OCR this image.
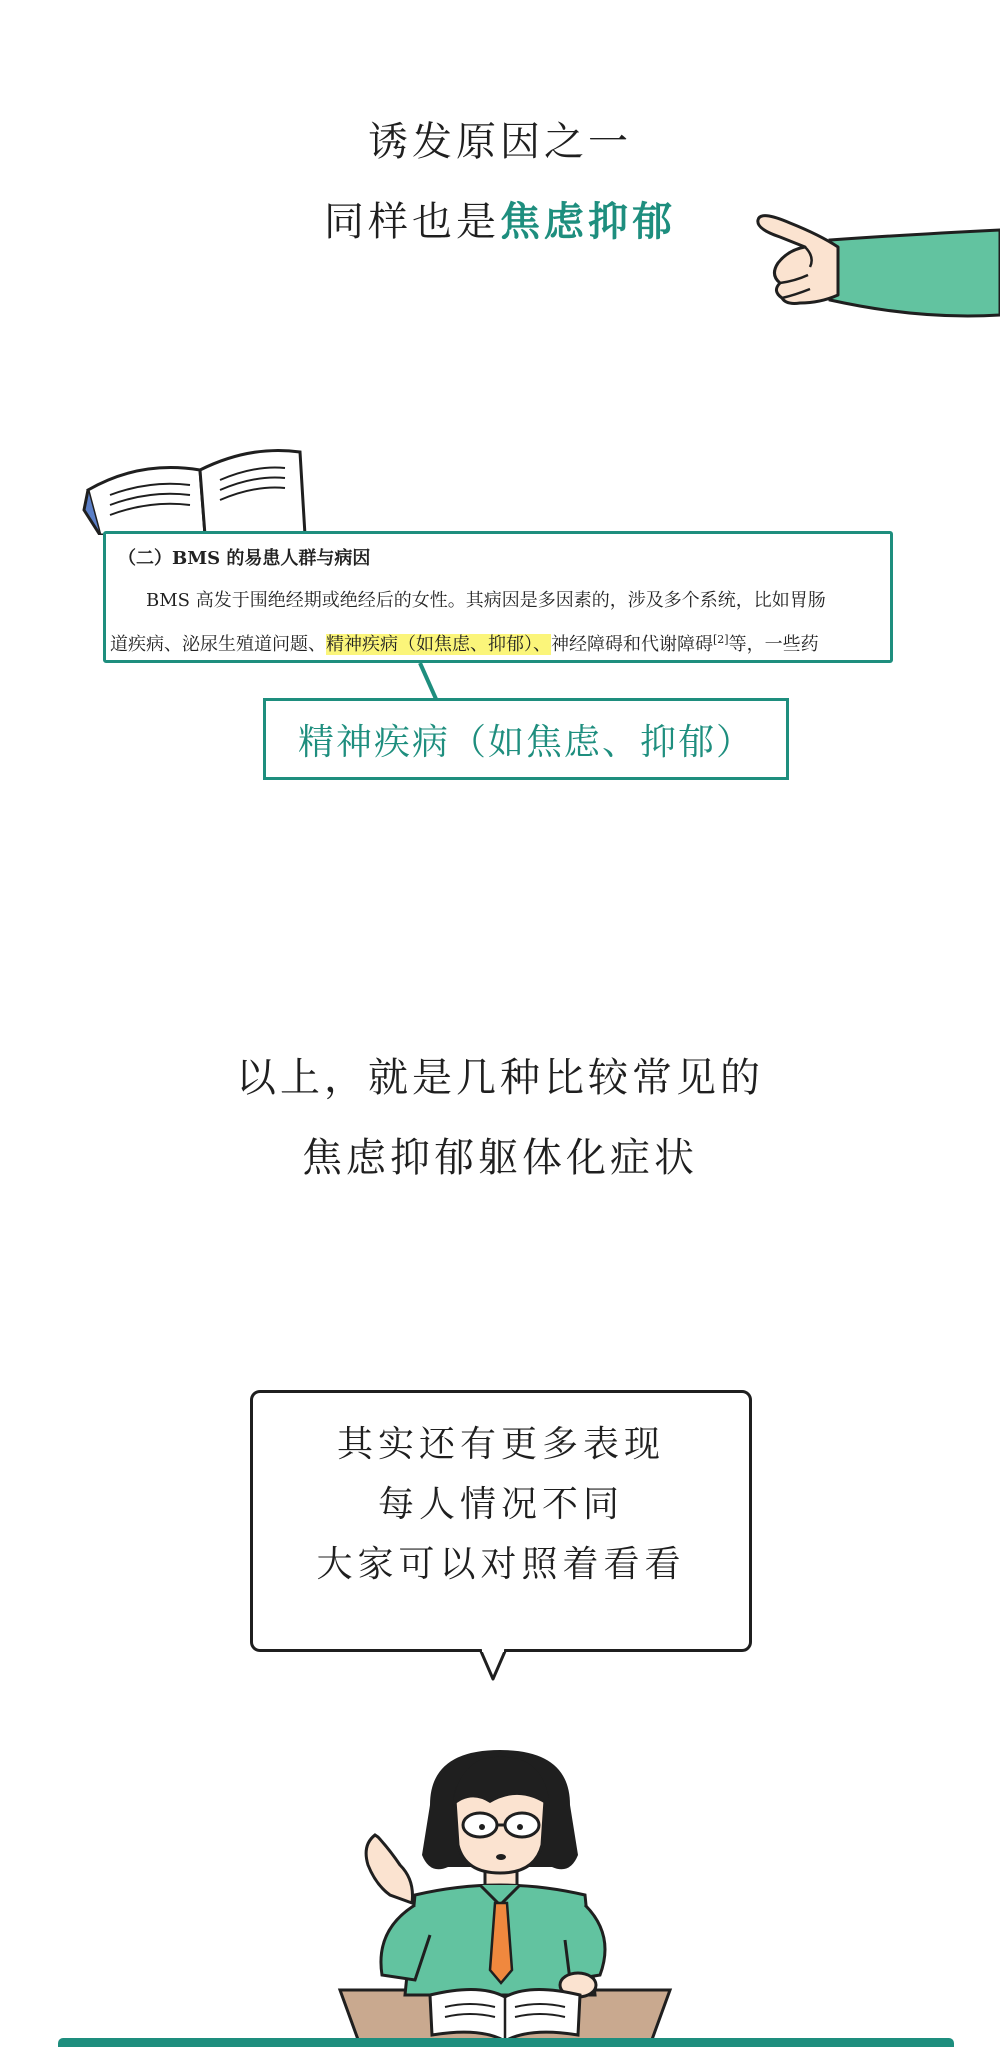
诱发原因之一
同样也是焦虑抑郁
（二）BMS 的易患人群与病因
BMS 高发于围绝经期或绝经后的女性。其病因是多因素的，涉及多个系统，比如胃肠
道疾病、泌尿生殖道问题、精神疾病（如焦虑、抑郁）、神经障碍和代谢障碍[2]等，一些药
精神疾病（如焦虑、抑郁）
以上，就是几种比较常见的
焦虑抑郁躯体化症状
其实还有更多表现
每人情况不同
大家可以对照着看看
